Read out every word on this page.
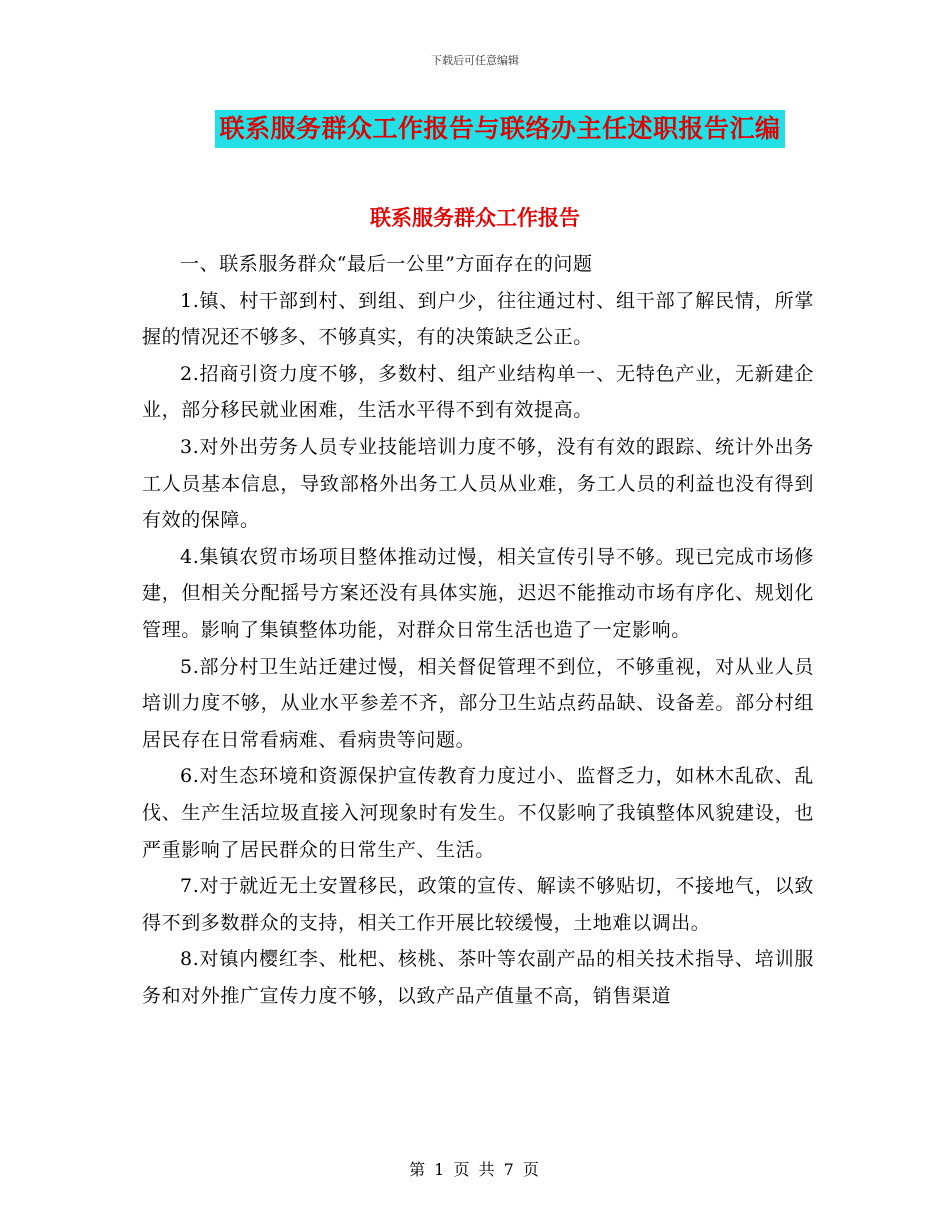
下载后可任意编辑
联系服务群众工作报告与联络办主任述职报告汇编
联系服务群众工作报告

一、联系服务群众“最后一公里”方面存在的问题

1.镇、村干部到村、到组、到户少，往往通过村、组干部了解民情，所掌握的情况还不够多、不够真实，有的决策缺乏公正。

2.招商引资力度不够，多数村、组产业结构单一、无特色产业，无新建企业，部分移民就业困难，生活水平得不到有效提高。

3.对外出劳务人员专业技能培训力度不够，没有有效的跟踪、统计外出务工人员基本信息，导致部格外出务工人员从业难，务工人员的利益也没有得到有效的保障。

4.集镇农贸市场项目整体推动过慢，相关宣传引导不够。现已完成市场修建，但相关分配摇号方案还没有具体实施，迟迟不能推动市场有序化、规划化管理。影响了集镇整体功能，对群众日常生活也造了一定影响。

5.部分村卫生站迁建过慢，相关督促管理不到位，不够重视，对从业人员培训力度不够，从业水平参差不齐，部分卫生站点药品缺、设备差。部分村组居民存在日常看病难、看病贵等问题。

6.对生态环境和资源保护宣传教育力度过小、监督乏力，如林木乱砍、乱伐、生产生活垃圾直接入河现象时有发生。不仅影响了我镇整体风貌建设，也严重影响了居民群众的日常生产、生活。

7.对于就近无土安置移民，政策的宣传、解读不够贴切，不接地气，以致得不到多数群众的支持，相关工作开展比较缓慢，土地难以调出。

8.对镇内樱红李、枇杷、核桃、茶叶等农副产品的相关技术指导、培训服务和对外推广宣传力度不够，以致产品产值量不高，销售渠道

第 1 页 共 7 页
